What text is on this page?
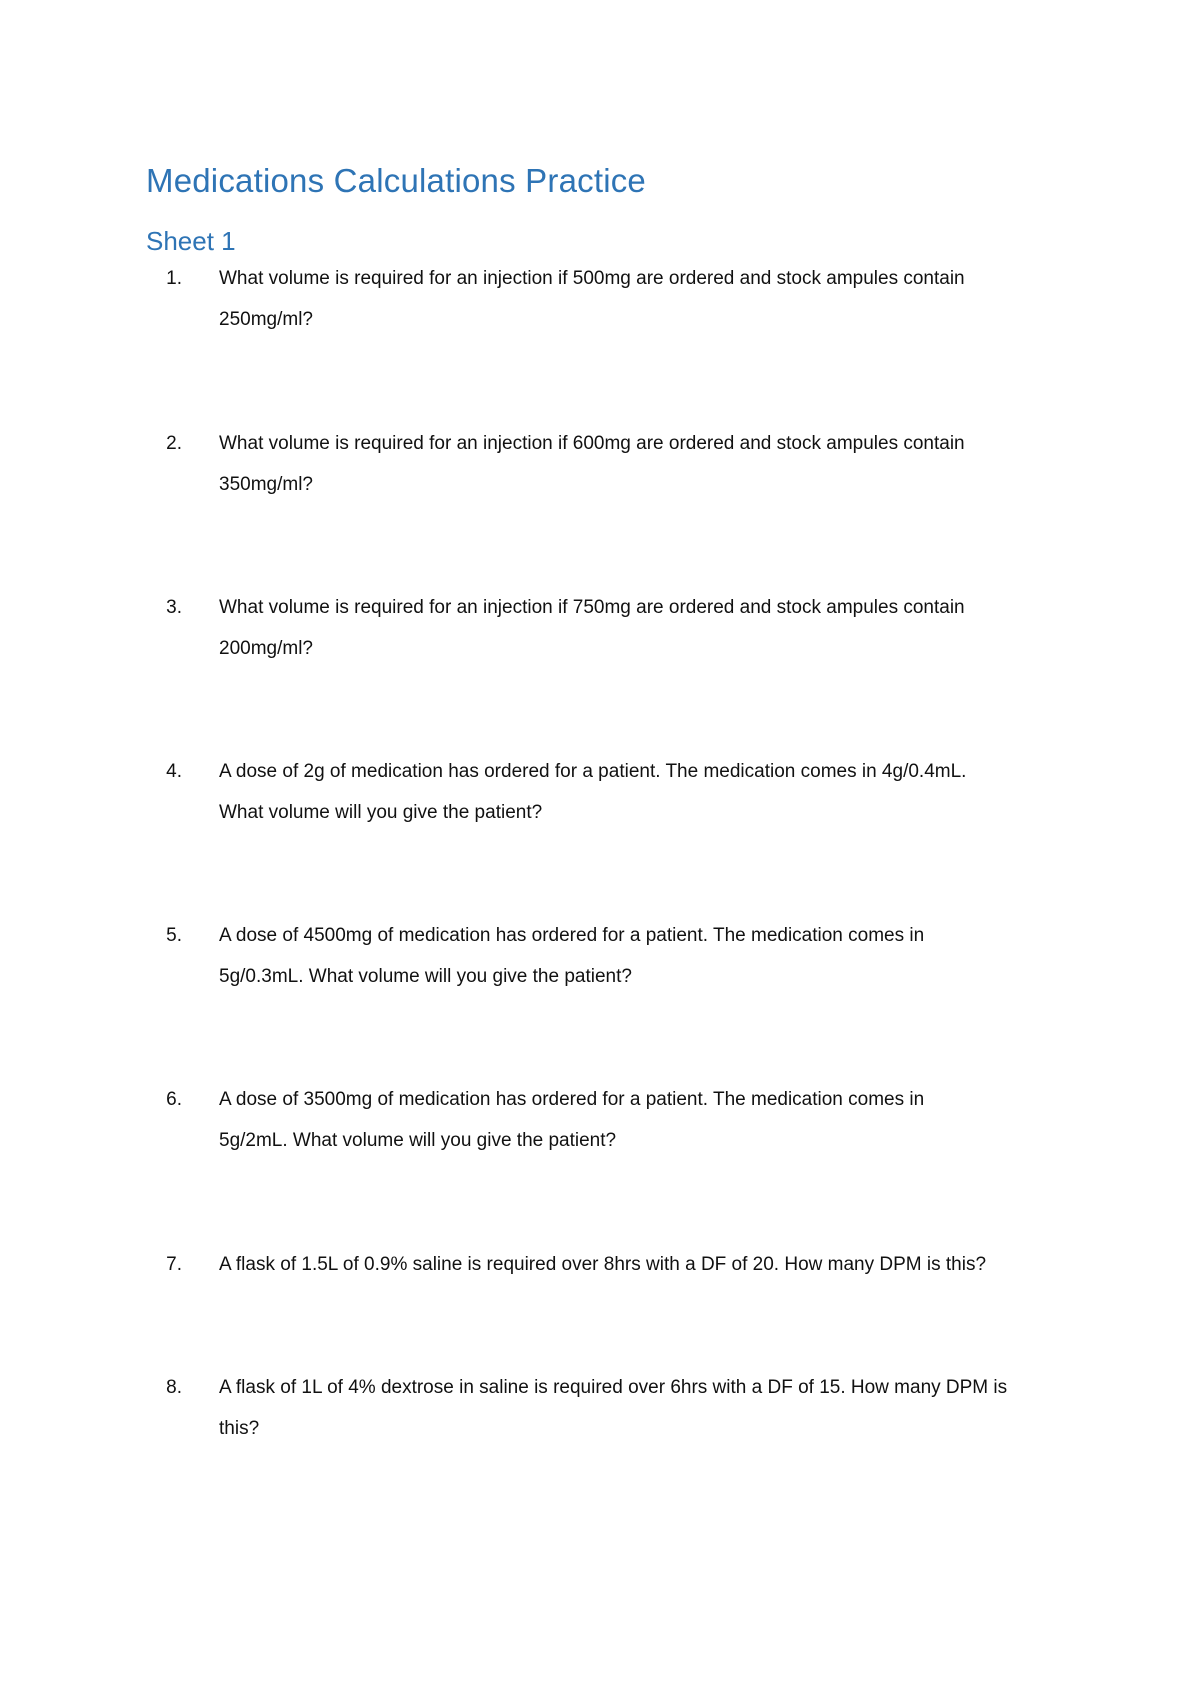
Medications Calculations Practice
Sheet 1
1. What volume is required for an injection if 500mg are ordered and stock ampules contain
250mg/ml?
2. What volume is required for an injection if 600mg are ordered and stock ampules contain
350mg/ml?
3. What volume is required for an injection if 750mg are ordered and stock ampules contain
200mg/ml?
4. A dose of 2g of medication has ordered for a patient. The medication comes in 4g/0.4mL.
What volume will you give the patient?
5. A dose of 4500mg of medication has ordered for a patient. The medication comes in
5g/0.3mL. What volume will you give the patient?
6. A dose of 3500mg of medication has ordered for a patient. The medication comes in
5g/2mL. What volume will you give the patient?
7. A flask of 1.5L of 0.9% saline is required over 8hrs with a DF of 20. How many DPM is this?
8. A flask of 1L of 4% dextrose in saline is required over 6hrs with a DF of 15. How many DPM is
this?
